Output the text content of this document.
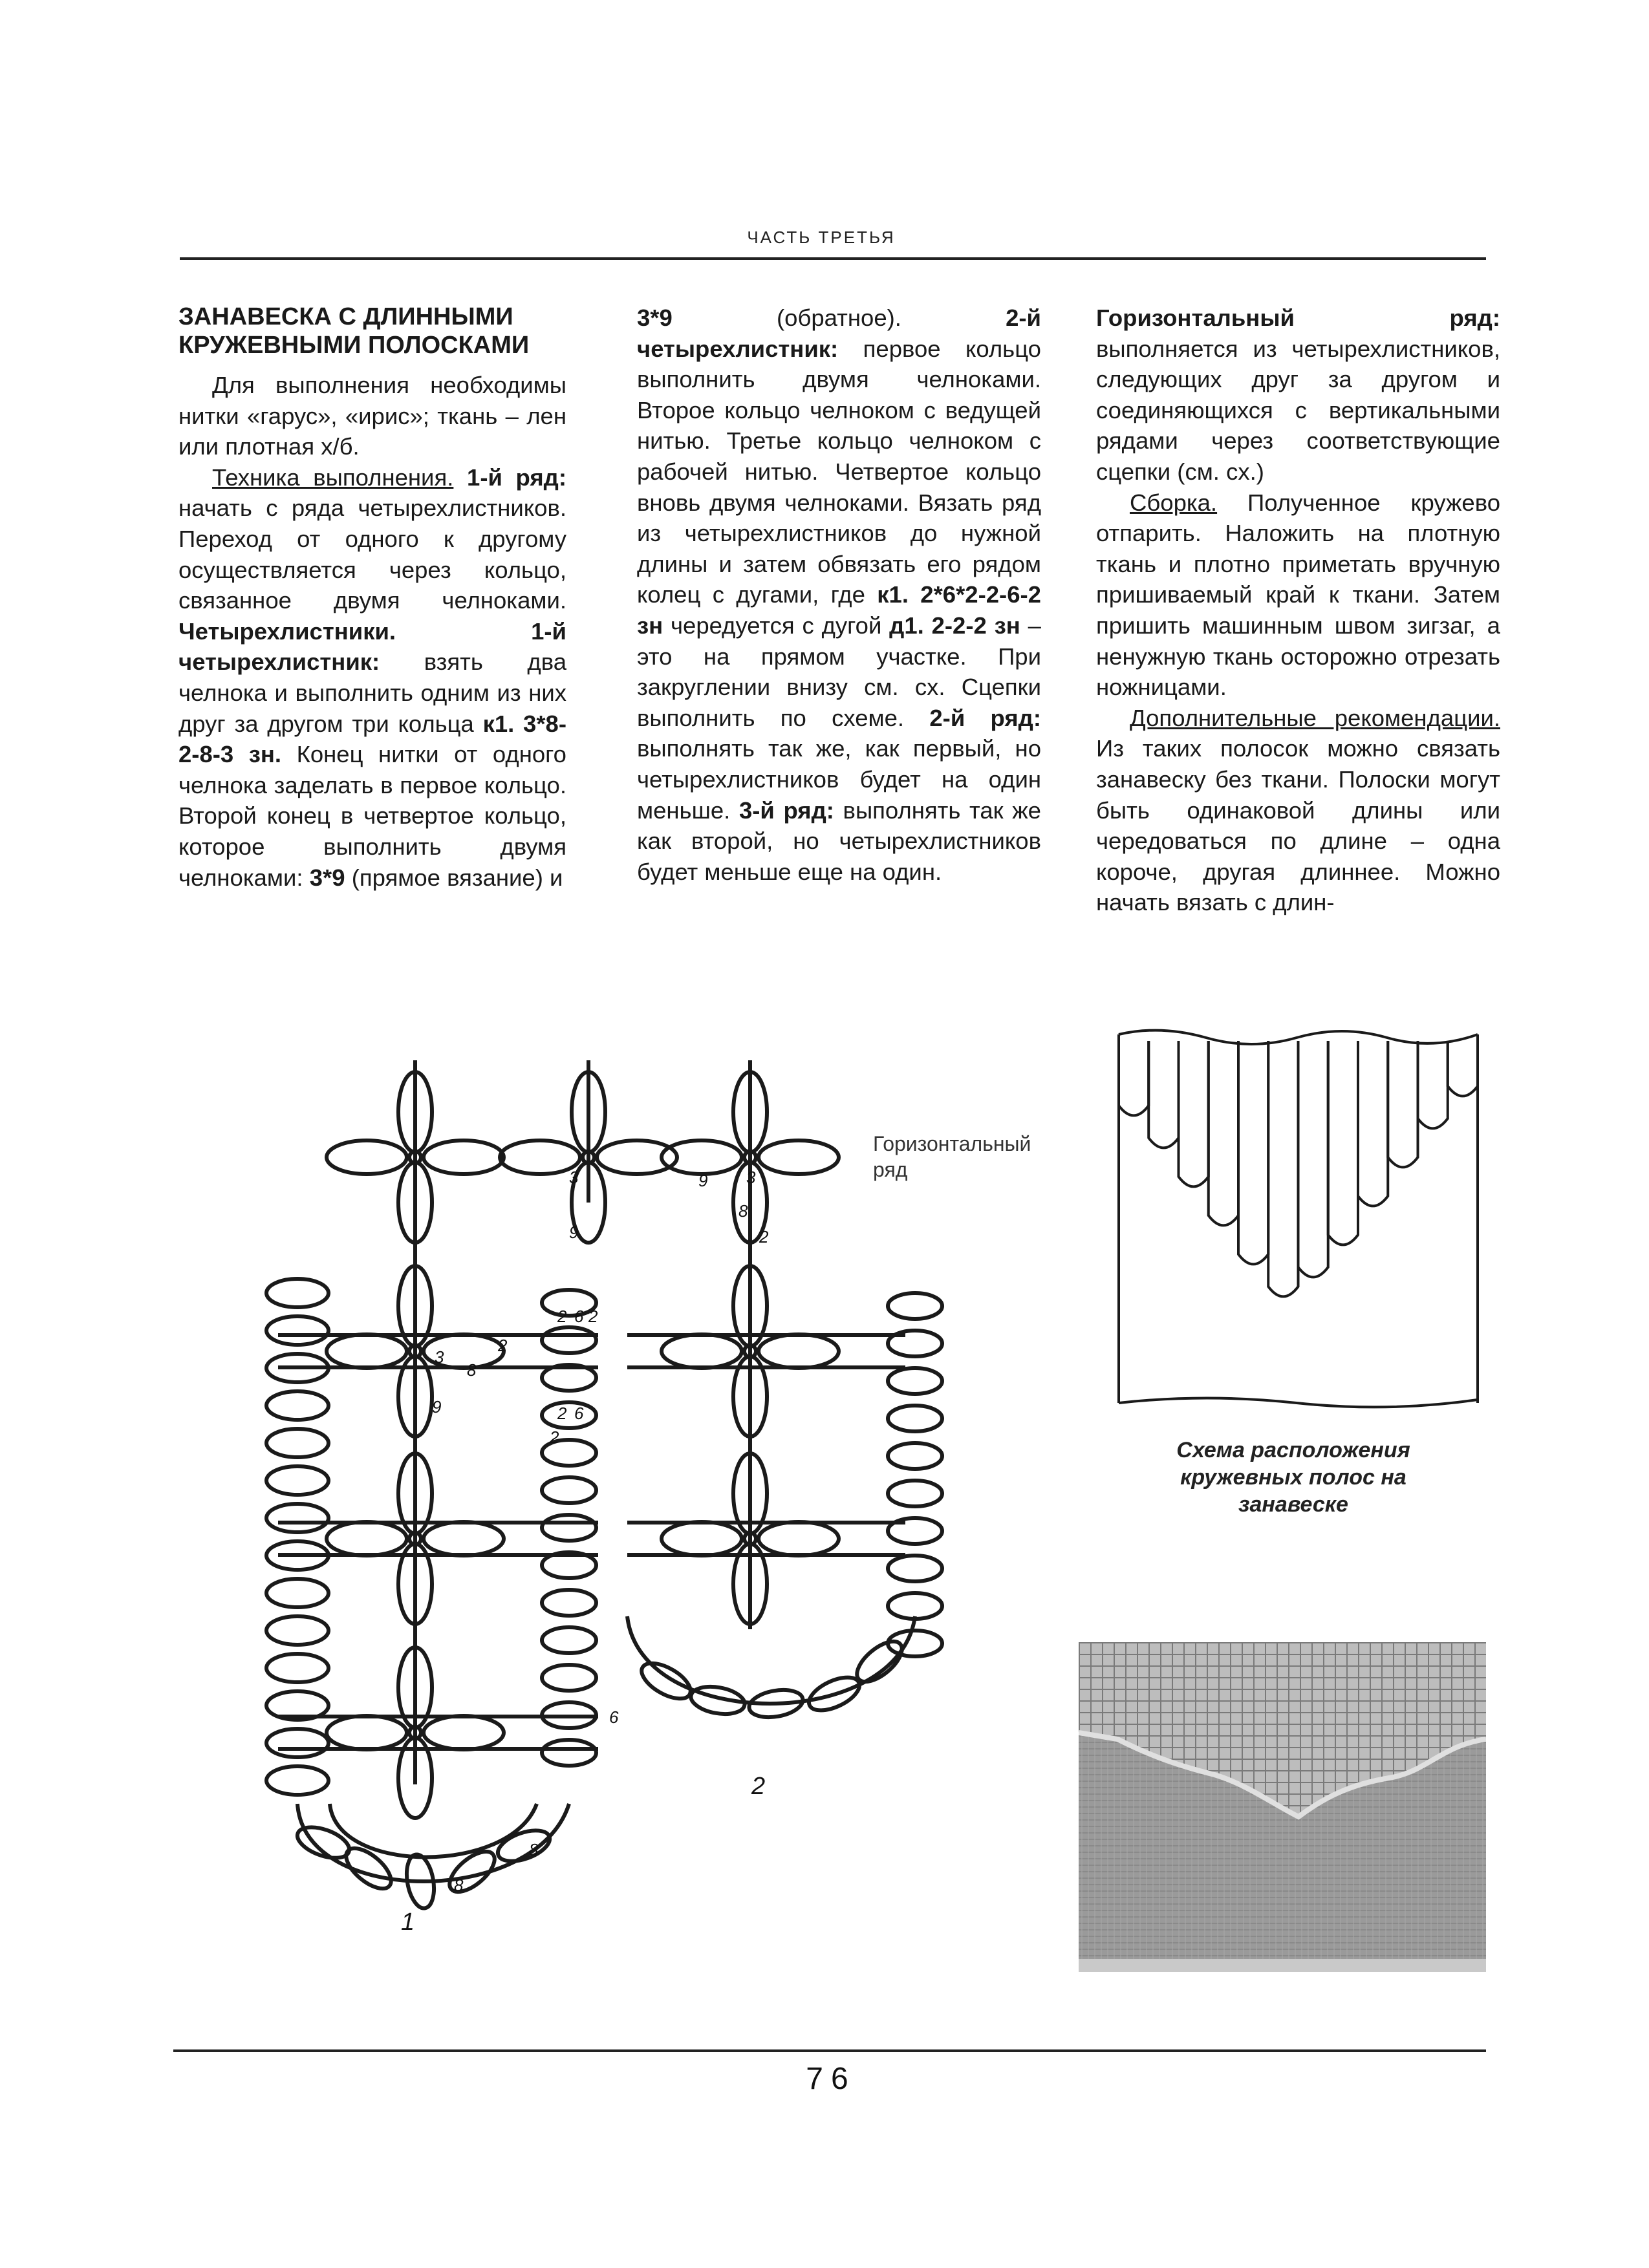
ЧАСТЬ ТРЕТЬЯ
ЗАНАВЕСКА С ДЛИННЫМИ КРУЖЕВНЫМИ ПОЛОСКАМИ

Для выполнения необходимы нитки «гарус», «ирис»; ткань – лен или плотная х/б.

Техника выполнения. 1-й ряд: начать с ряда четырехлистников. Переход от одного к другому осуществляется через кольцо, связанное двумя челноками. Четырехлистники. 1-й четырехлистник: взять два челнока и выполнить одним из них друг за другом три кольца к1. 3*8-2-8-3 зн. Конец нитки от одного челнока заделать в первое кольцо. Второй конец в четвертое кольцо, которое выполнить двумя челноками: 3*9 (прямое вязание) и

3*9	(обратное).	2-й четырехлистник: первое кольцо выполнить двумя челноками. Второе кольцо челноком с ведущей нитью. Третье кольцо челноком с рабочей нитью. Четвертое кольцо вновь двумя челноками. Вязать ряд из четырехлистников до нужной длины и затем обвязать его рядом колец с дугами, где к1. 2*6*2-2-6-2 зн чередуется с дугой д1. 2-2-2 зн – это на прямом участке. При закруглении внизу см. сх. Сцепки выполнить по схеме. 2-й ряд: выполнять так же, как первый, но четырехлистников будет на один меньше. 3-й ряд: выполнять так же как второй, но четырехлистников будет меньше еще на один.

Горизонтальный ряд: выполняется из четырехлистников, следующих друг за другом и соединяющихся с вертикальными рядами через соответствующие сцепки (см. сх.)

Сборка. Полученное кружево отпарить. Наложить на плотную ткань и плотно приметать вручную пришиваемый край к ткани. Затем пришить машинным швом зигзаг, а ненужную ткань осторожно отрезать ножницами.

Дополнительные рекомендации. Из таких полосок можно связать занавеску без ткани. Полоски могут быть одинаковой длины или чередоваться по длине – одна короче, другая длиннее. Можно начать вязать с длин-

Горизонтальный
ряд
1
2
3
8
2
9
3
9
9 3
8
2
2 6 2
2 6
2
6
8
8
Схема расположения кружевных полос на занавеске
76
